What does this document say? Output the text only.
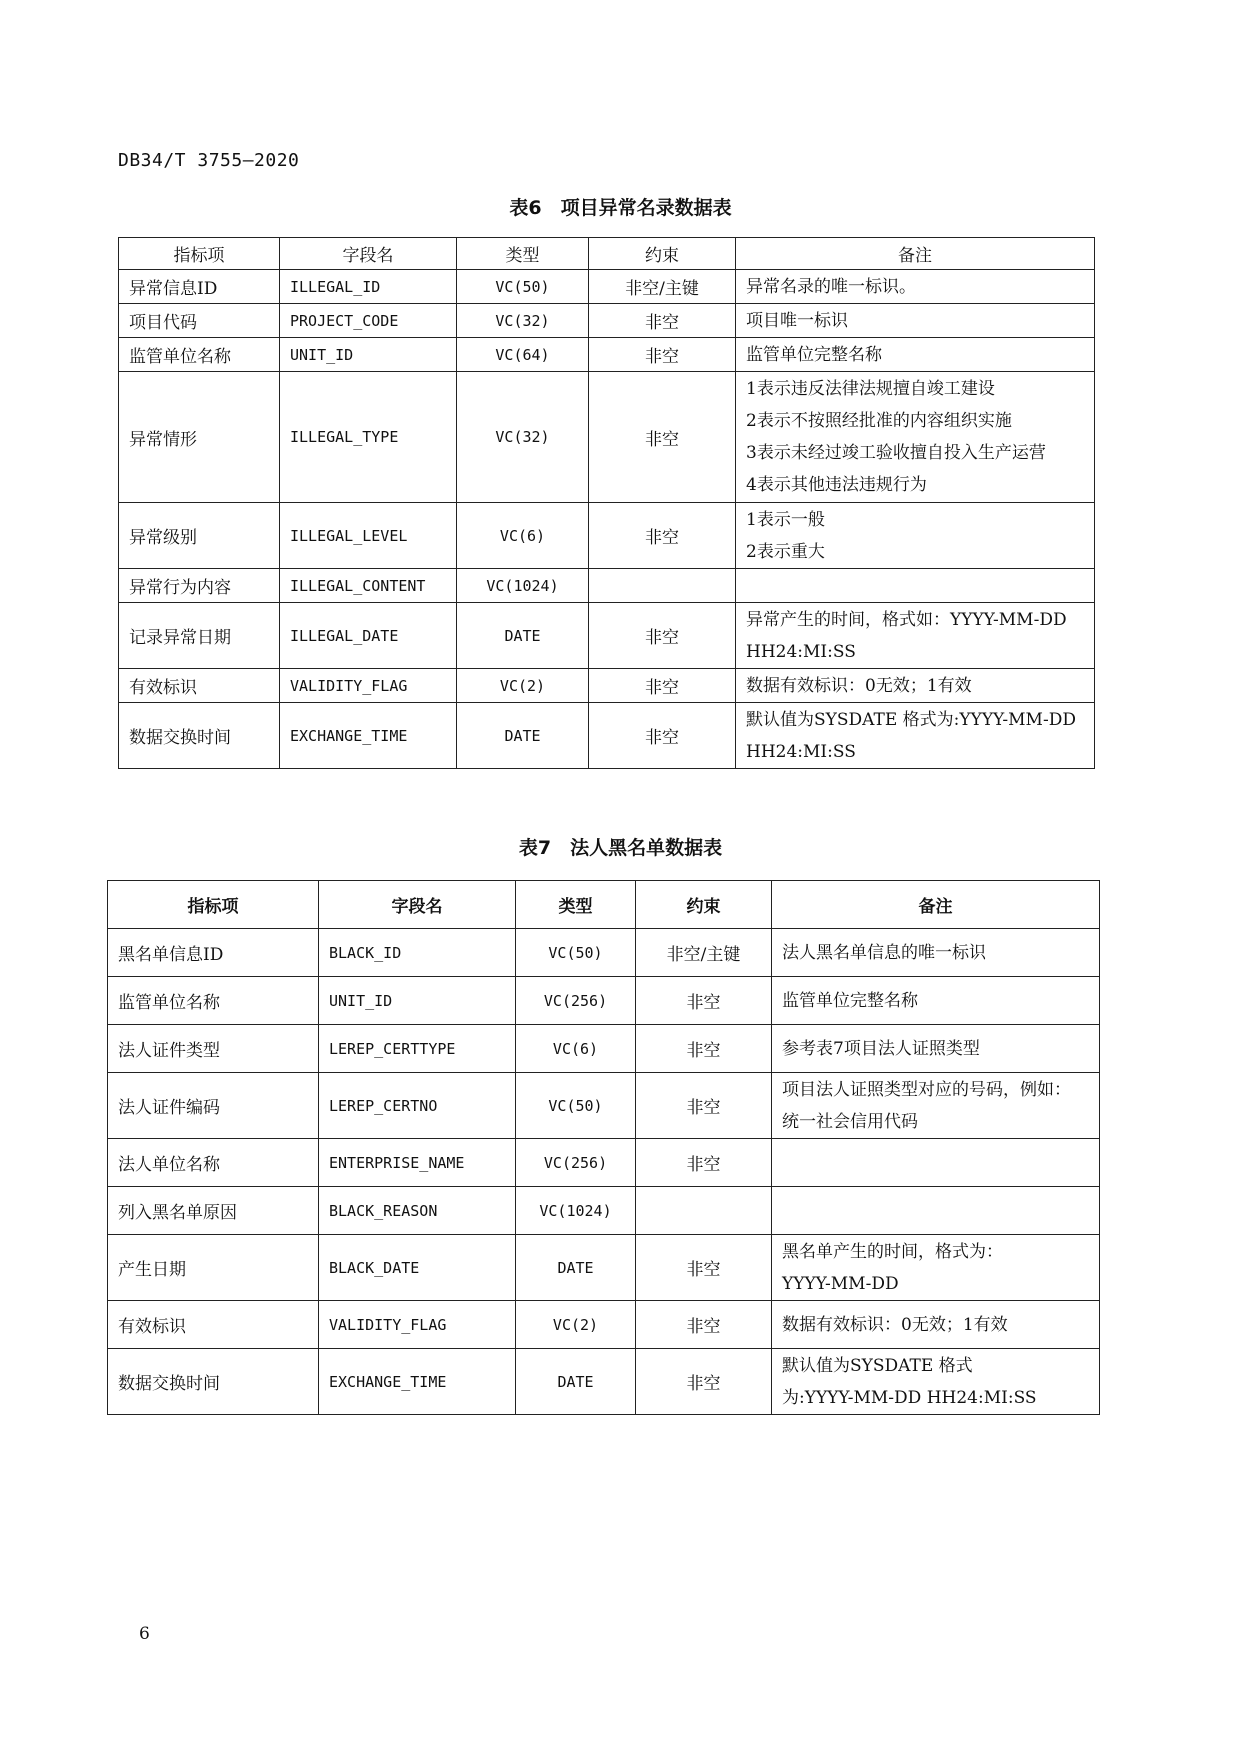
DB34/T 3755—2020
表6　项目异常名录数据表
指标项	字段名	类型	约束	备注
异常信息ID	ILLEGAL_ID	VC(50)	非空/主键	异常名录的唯一标识。

项目代码	PROJECT_CODE	VC(32)	非空	项目唯一标识

监管单位名称	UNIT_ID	VC(64)	非空	监管单位完整名称

异常情形	ILLEGAL_TYPE	VC(32)	非空	1表示违反法律法规擅自竣工建设
2表示不按照经批准的内容组织实施
3表示未经过竣工验收擅自投入生产运营
4表示其他违法违规行为

异常级别	ILLEGAL_LEVEL	VC(6)	非空	1表示一般
2表示重大

异常行为内容	ILLEGAL_CONTENT	VC(1024)		

记录异常日期	ILLEGAL_DATE	DATE	非空	异常产生的时间，格式如：YYYY-MM-DD
HH24:MI:SS

有效标识	VALIDITY_FLAG	VC(2)	非空	数据有效标识：0无效；1有效

数据交换时间	EXCHANGE_TIME	DATE	非空	默认值为SYSDATE 格式为:YYYY-MM-DD
HH24:MI:SS
表7　法人黑名单数据表
指标项	字段名	类型	约束	备注
黑名单信息ID	BLACK_ID	VC(50)	非空/主键	法人黑名单信息的唯一标识

监管单位名称	UNIT_ID	VC(256)	非空	监管单位完整名称

法人证件类型	LEREP_CERTTYPE	VC(6)	非空	参考表7项目法人证照类型

法人证件编码	LEREP_CERTNO	VC(50)	非空	项目法人证照类型对应的号码，例如：
统一社会信用代码

法人单位名称	ENTERPRISE_NAME	VC(256)	非空	

列入黑名单原因	BLACK_REASON	VC(1024)		

产生日期	BLACK_DATE	DATE	非空	黑名单产生的时间，格式为：
YYYY-MM-DD

有效标识	VALIDITY_FLAG	VC(2)	非空	数据有效标识：0无效；1有效

数据交换时间	EXCHANGE_TIME	DATE	非空	默认值为SYSDATE 格式
为:YYYY-MM-DD HH24:MI:SS
6
